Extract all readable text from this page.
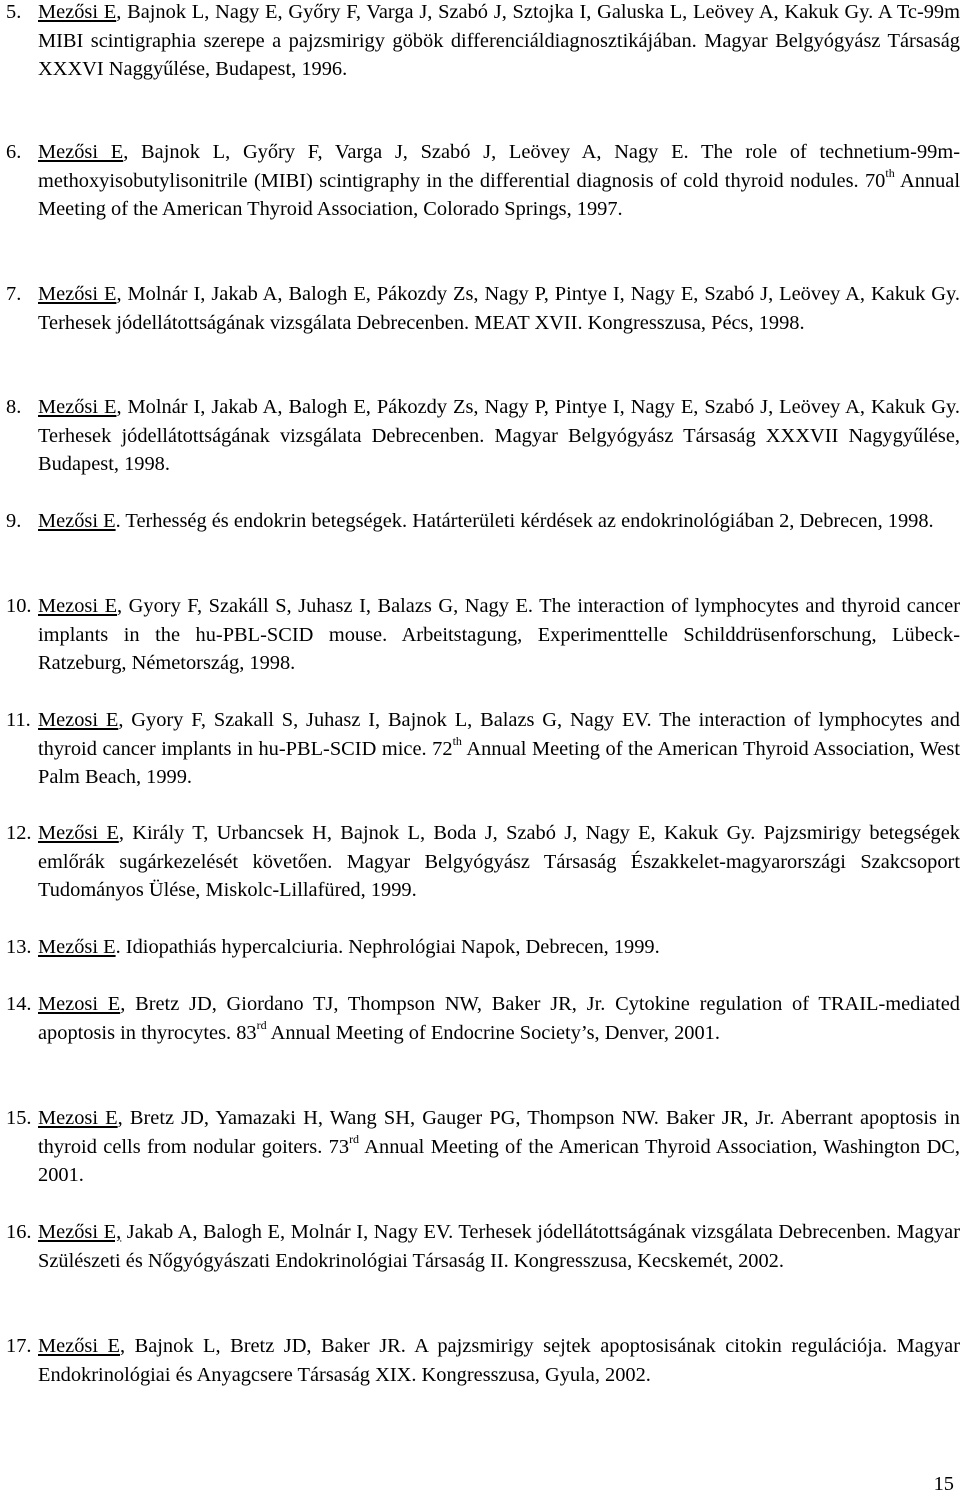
5. Mezősi E, Bajnok L, Nagy E, Győry F, Varga J, Szabó J, Sztojka I, Galuska L, Leövey A, Kakuk Gy. A Tc-99m MIBI scintigraphia szerepe a pajzsmirigy göbök differenciáldiagnosztikájában. Magyar Belgyógyász Társaság XXXVI Naggyűlése, Budapest, 1996.
6. Mezősi E, Bajnok L, Győry F, Varga J, Szabó J, Leövey A, Nagy E. The role of technetium-99m-methoxyisobutylisonitrile (MIBI) scintigraphy in the differential diagnosis of cold thyroid nodules. 70th Annual Meeting of the American Thyroid Association, Colorado Springs, 1997.
7. Mezősi E, Molnár I, Jakab A, Balogh E, Pákozdy Zs, Nagy P, Pintye I, Nagy E, Szabó J, Leövey A, Kakuk Gy. Terhesek jódellátottságának vizsgálata Debrecenben. MEAT XVII. Kongresszusa, Pécs, 1998.
8. Mezősi E, Molnár I, Jakab A, Balogh E, Pákozdy Zs, Nagy P, Pintye I, Nagy E, Szabó J, Leövey A, Kakuk Gy. Terhesek jódellátottságának vizsgálata Debrecenben. Magyar Belgyógyász Társaság XXXVII Nagygyűlése, Budapest, 1998.
9. Mezősi E. Terhesség és endokrin betegségek. Határterületi kérdések az endokrinológiában 2, Debrecen, 1998.
10. Mezosi E, Gyory F, Szakáll S, Juhasz I, Balazs G, Nagy E. The interaction of lymphocytes and thyroid cancer implants in the hu-PBL-SCID mouse. Arbeitstagung, Experimenttelle Schilddrüsenforschung, Lübeck-Ratzeburg, Németország, 1998.
11. Mezosi E, Gyory F, Szakall S, Juhasz I, Bajnok L, Balazs G, Nagy EV. The interaction of lymphocytes and thyroid cancer implants in hu-PBL-SCID mice. 72th Annual Meeting of the American Thyroid Association, West Palm Beach, 1999.
12. Mezősi E, Király T, Urbancsek H, Bajnok L, Boda J, Szabó J, Nagy E, Kakuk Gy. Pajzsmirigy betegségek emlőrák sugárkezelését követően. Magyar Belgyógyász Társaság Északkelet-magyarországi Szakcsoport Tudományos Ülése, Miskolc-Lillafüred, 1999.
13. Mezősi E. Idiopathiás hypercalciuria. Nephrológiai Napok, Debrecen, 1999.
14. Mezosi E, Bretz JD, Giordano TJ, Thompson NW, Baker JR, Jr. Cytokine regulation of TRAIL-mediated apoptosis in thyrocytes. 83rd Annual Meeting of Endocrine Society’s, Denver, 2001.
15. Mezosi E, Bretz JD, Yamazaki H, Wang SH, Gauger PG, Thompson NW. Baker JR, Jr. Aberrant apoptosis in thyroid cells from nodular goiters. 73rd Annual Meeting of the American Thyroid Association, Washington DC, 2001.
16. Mezősi E, Jakab A, Balogh E, Molnár I, Nagy EV. Terhesek jódellátottságának vizsgálata Debrecenben. Magyar Szülészeti és Nőgyógyászati Endokrinológiai Társaság II. Kongresszusa, Kecskemét, 2002.
17. Mezősi E, Bajnok L, Bretz JD, Baker JR. A pajzsmirigy sejtek apoptosisának citokin regulációja. Magyar Endokrinológiai és Anyagcsere Társaság XIX. Kongresszusa, Gyula, 2002.
15
